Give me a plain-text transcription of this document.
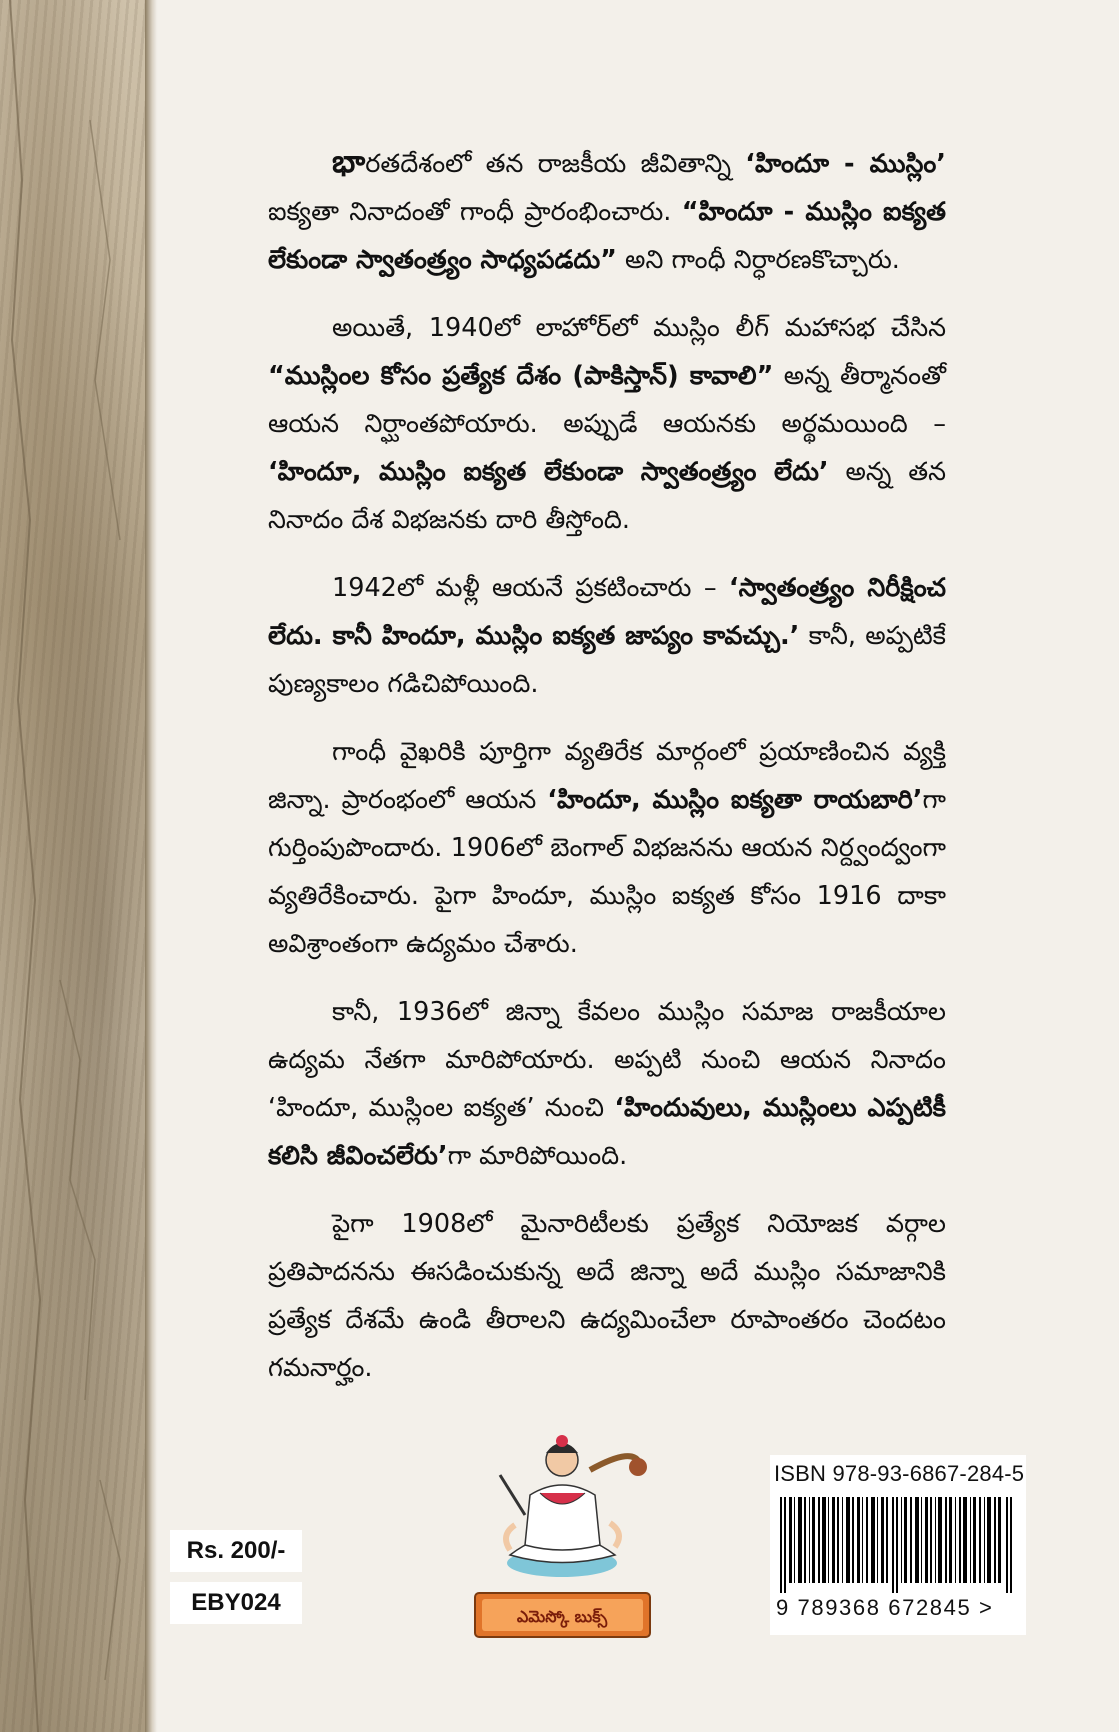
భారతదేశంలో తన రాజకీయ జీవితాన్ని ‘హిందూ - ముస్లిం’ ఐక్యతా నినాదంతో గాంధీ ప్రారంభించారు. “హిందూ - ముస్లిం ఐక్యత లేకుండా స్వాతంత్ర్యం సాధ్యపడదు” అని గాంధీ నిర్ధారణకొచ్చారు.

అయితే, 1940లో లాహోర్‌లో ముస్లిం లీగ్ మహాసభ చేసిన “ముస్లింల కోసం ప్రత్యేక దేశం (పాకిస్తాన్) కావాలి” అన్న తీర్మానంతో ఆయన నిర్ఘాంతపోయారు. అప్పుడే ఆయనకు అర్థమయింది – ‘హిందూ, ముస్లిం ఐక్యత లేకుండా స్వాతంత్ర్యం లేదు’ అన్న తన నినాదం దేశ విభజనకు దారి తీస్తోంది.

1942లో మళ్లీ ఆయనే ప్రకటించారు – ‘స్వాతంత్ర్యం నిరీక్షించ లేదు. కానీ హిందూ, ముస్లిం ఐక్యత జాప్యం కావచ్చు.’ కానీ, అప్పటికే పుణ్యకాలం గడిచిపోయింది.

గాంధీ వైఖరికి పూర్తిగా వ్యతిరేక మార్గంలో ప్రయాణించిన వ్యక్తి జిన్నా. ప్రారంభంలో ఆయన ‘హిందూ, ముస్లిం ఐక్యతా రాయబారి’గా గుర్తింపుపొందారు. 1906లో బెంగాల్ విభజనను ఆయన నిర్ద్వంద్వంగా వ్యతిరేకించారు. పైగా హిందూ, ముస్లిం ఐక్యత కోసం 1916 దాకా అవిశ్రాంతంగా ఉద్యమం చేశారు.

కానీ, 1936లో జిన్నా కేవలం ముస్లిం సమాజ రాజకీయాల ఉద్యమ నేతగా మారిపోయారు. అప్పటి నుంచి ఆయన నినాదం ‘హిందూ, ముస్లింల ఐక్యత’ నుంచి ‘హిందువులు, ముస్లింలు ఎప్పటికీ కలిసి జీవించలేరు’గా మారిపోయింది.

పైగా 1908లో మైనారిటీలకు ప్రత్యేక నియోజక వర్గాల ప్రతిపాదనను ఈసడించుకున్న అదే జిన్నా అదే ముస్లిం సమాజానికి ప్రత్యేక దేశమే ఉండి తీరాలని ఉద్యమించేలా రూపాంతరం చెందటం గమనార్హం.

Rs. 200/-
EBY024
ఎమెస్కో బుక్స్
ISBN 978-93-6867-284-5
9 789368 672845 >
